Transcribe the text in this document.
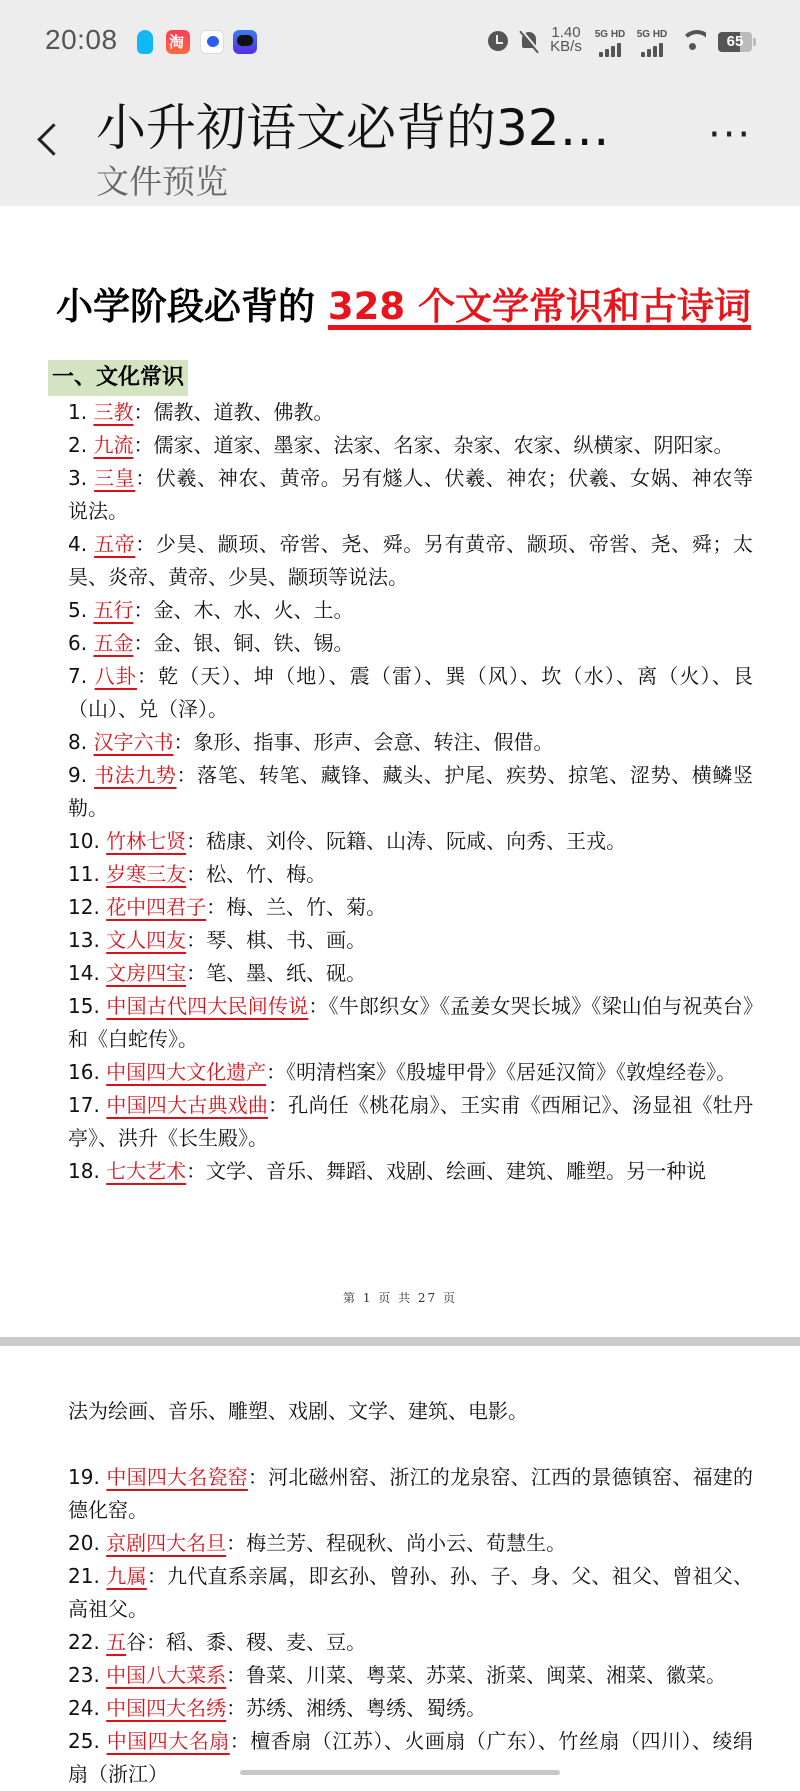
20:08 淘	1.40
KB/s
5G HD	5G HD	65
小升初语文必背的32…
文件预览
···
小学阶段必背的 328 个文学常识和古诗词
一、文化常识
1. 三教：儒教、道教、佛教。
2. 九流：儒家、道家、墨家、法家、名家、杂家、农家、纵横家、阴阳家。
3. 三皇：伏羲、神农、黄帝。另有燧人、伏羲、神农；伏羲、女娲、神农等说法。
4. 五帝：少昊、颛顼、帝喾、尧、舜。另有黄帝、颛顼、帝喾、尧、舜；太昊、炎帝、黄帝、少昊、颛顼等说法。
5. 五行：金、木、水、火、土。
6. 五金：金、银、铜、铁、锡。
7. 八卦：乾（天）、坤（地）、震（雷）、巽（风）、坎（水）、离（火）、艮（山）、兑（泽）。
8. 汉字六书：象形、指事、形声、会意、转注、假借。
9. 书法九势：落笔、转笔、藏锋、藏头、护尾、疾势、掠笔、涩势、横鳞竖勒。
10. 竹林七贤：嵇康、刘伶、阮籍、山涛、阮咸、向秀、王戎。
11. 岁寒三友：松、竹、梅。
12. 花中四君子：梅、兰、竹、菊。
13. 文人四友：琴、棋、书、画。
14. 文房四宝：笔、墨、纸、砚。
15. 中国古代四大民间传说：《牛郎织女》《孟姜女哭长城》《梁山伯与祝英台》和《白蛇传》。
16. 中国四大文化遗产：《明清档案》《殷墟甲骨》《居延汉简》《敦煌经卷》。
17. 中国四大古典戏曲：孔尚任《桃花扇》、王实甫《西厢记》、汤显祖《牡丹亭》、洪升《长生殿》。
18. 七大艺术：文学、音乐、舞蹈、戏剧、绘画、建筑、雕塑。另一种说
第 1 页 共 27 页
法为绘画、音乐、雕塑、戏剧、文学、建筑、电影。
19. 中国四大名瓷窑：河北磁州窑、浙江的龙泉窑、江西的景德镇窑、福建的德化窑。
20. 京剧四大名旦：梅兰芳、程砚秋、尚小云、荀慧生。
21. 九属：九代直系亲属，即玄孙、曾孙、孙、子、身、父、祖父、曾祖父、高祖父。
22. 五谷：稻、黍、稷、麦、豆。
23. 中国八大菜系：鲁菜、川菜、粤菜、苏菜、浙菜、闽菜、湘菜、徽菜。
24. 中国四大名绣：苏绣、湘绣、粤绣、蜀绣。
25. 中国四大名扇：檀香扇（江苏）、火画扇（广东）、竹丝扇（四川）、绫绢扇（浙江）
